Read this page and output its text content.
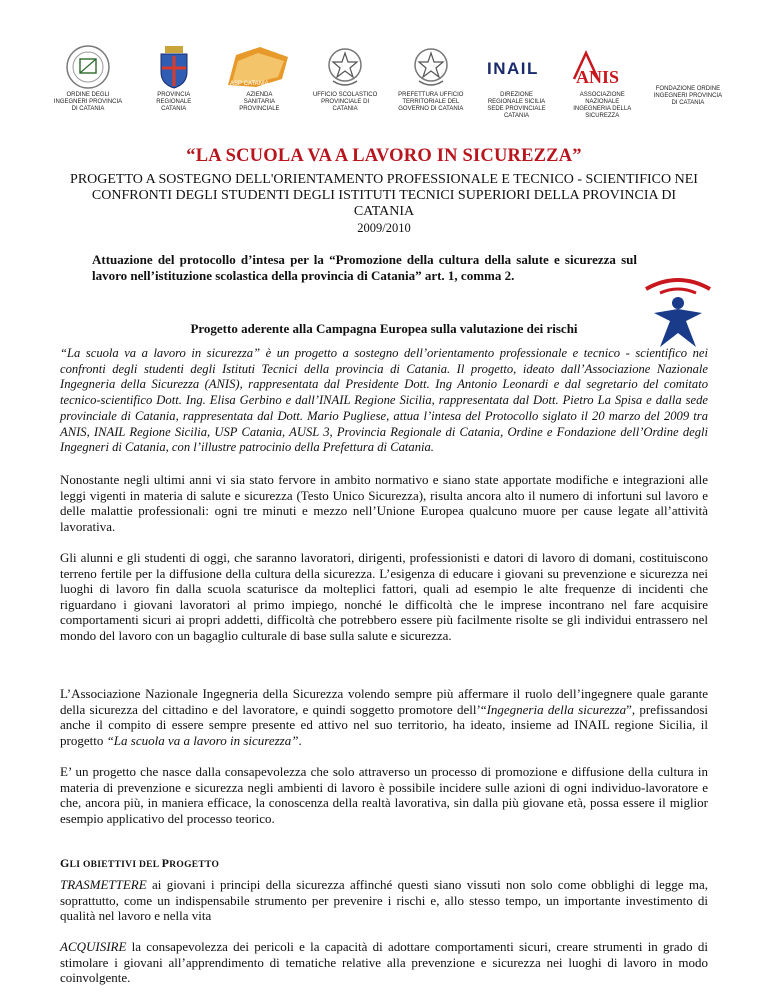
ORDINE DEGLI
INGEGNERI PROVINCIA
DI CATANIA
PROVINCIA
REGIONALE
CATANIA
ASP CATANIA
AZIENDA
SANITARIA
PROVINCIALE
UFFICIO SCOLASTICO
PROVINCIALE DI
CATANIA
PREFETTURA UFFICIO
TERRITORIALE DEL
GOVERNO DI CATANIA
INAIL
DIREZIONE
REGIONALE SICILIA
SEDE PROVINCIALE
CATANIA
ANIS
ASSOCIAZIONE
NAZIONALE
INGEGNERIA DELLA
SICUREZZA
FONDAZIONE ORDINE
INGEGNERI PROVINCIA
DI CATANIA
“LA SCUOLA VA A LAVORO IN SICUREZZA”
PROGETTO A SOSTEGNO DELL'ORIENTAMENTO PROFESSIONALE E TECNICO - SCIENTIFICO NEI CONFRONTI DEGLI STUDENTI DEGLI ISTITUTI TECNICI SUPERIORI DELLA PROVINCIA DI CATANIA
2009/2010
Attuazione del protocollo d’intesa per la “Promozione della cultura della salute e sicurezza sul lavoro nell’istituzione scolastica della provincia di Catania” art. 1, comma 2.
Progetto aderente alla Campagna Europea sulla valutazione dei rischi
“La scuola va a lavoro in sicurezza” è un progetto a sostegno dell’orientamento professionale e tecnico - scientifico nei confronti degli studenti degli Istituti Tecnici della provincia di Catania. Il progetto, ideato dall’Associazione Nazionale Ingegneria della Sicurezza (ANIS), rappresentata dal Presidente Dott. Ing Antonio Leonardi e dal segretario del comitato tecnico-scientifico Dott. Ing. Elisa Gerbino e dall’INAIL Regione Sicilia, rappresentata dal Dott. Pietro La Spisa e dalla sede provinciale di Catania, rappresentata dal Dott. Mario Pugliese, attua l’intesa del Protocollo siglato il 20 marzo del 2009 tra ANIS, INAIL Regione Sicilia, USP Catania, AUSL 3, Provincia Regionale di Catania, Ordine e Fondazione dell’Ordine degli Ingegneri di Catania, con l’illustre patrocinio della Prefettura di Catania.
Nonostante negli ultimi anni vi sia stato fervore in ambito normativo e siano state apportate modifiche e integrazioni alle leggi vigenti in materia di salute e sicurezza (Testo Unico Sicurezza), risulta ancora alto il numero di infortuni sul lavoro e delle malattie professionali: ogni tre minuti e mezzo nell’Unione Europea qualcuno muore per cause legate all’attività lavorativa.
Gli alunni e gli studenti di oggi, che saranno lavoratori, dirigenti, professionisti e datori di lavoro di domani, costituiscono terreno fertile per la diffusione della cultura della sicurezza. L’esigenza di educare i giovani su prevenzione e sicurezza nei luoghi di lavoro fin dalla scuola scaturisce da molteplici fattori, quali ad esempio le alte frequenze di incidenti che riguardano i giovani lavoratori al primo impiego, nonché le difficoltà che le imprese incontrano nel fare acquisire comportamenti sicuri ai propri addetti, difficoltà che potrebbero essere più facilmente risolte se gli individui entrassero nel mondo del lavoro con un bagaglio culturale di base sulla salute e sicurezza.
L’Associazione Nazionale Ingegneria della Sicurezza volendo sempre più affermare il ruolo dell’ingegnere quale garante della sicurezza del cittadino e del lavoratore, e quindi soggetto promotore dell’“Ingegneria della sicurezza”, prefissandosi anche il compito di essere sempre presente ed attivo nel suo territorio, ha ideato, insieme ad INAIL regione Sicilia, il progetto “La scuola va a lavoro in sicurezza”.
E’ un progetto che nasce dalla consapevolezza che solo attraverso un processo di promozione e diffusione della cultura in materia di prevenzione e sicurezza negli ambienti di lavoro è possibile incidere sulle azioni di ogni individuo-lavoratore e che, ancora più, in maniera efficace, la conoscenza della realtà lavorativa, sin dalla più giovane età, possa essere il miglior esempio applicativo del processo teorico.
GLI OBIETTIVI DEL PROGETTO
TRASMETTERE ai giovani i principi della sicurezza affinché questi siano vissuti non solo come obblighi di legge ma, soprattutto, come un indispensabile strumento per prevenire i rischi e, allo stesso tempo, un importante investimento di qualità nel lavoro e nella vita
ACQUISIRE la consapevolezza dei pericoli e la capacità di adottare comportamenti sicuri, creare strumenti in grado di stimolare i giovani all’apprendimento di tematiche relative alla prevenzione e sicurezza nei luoghi di lavoro in modo coinvolgente.
